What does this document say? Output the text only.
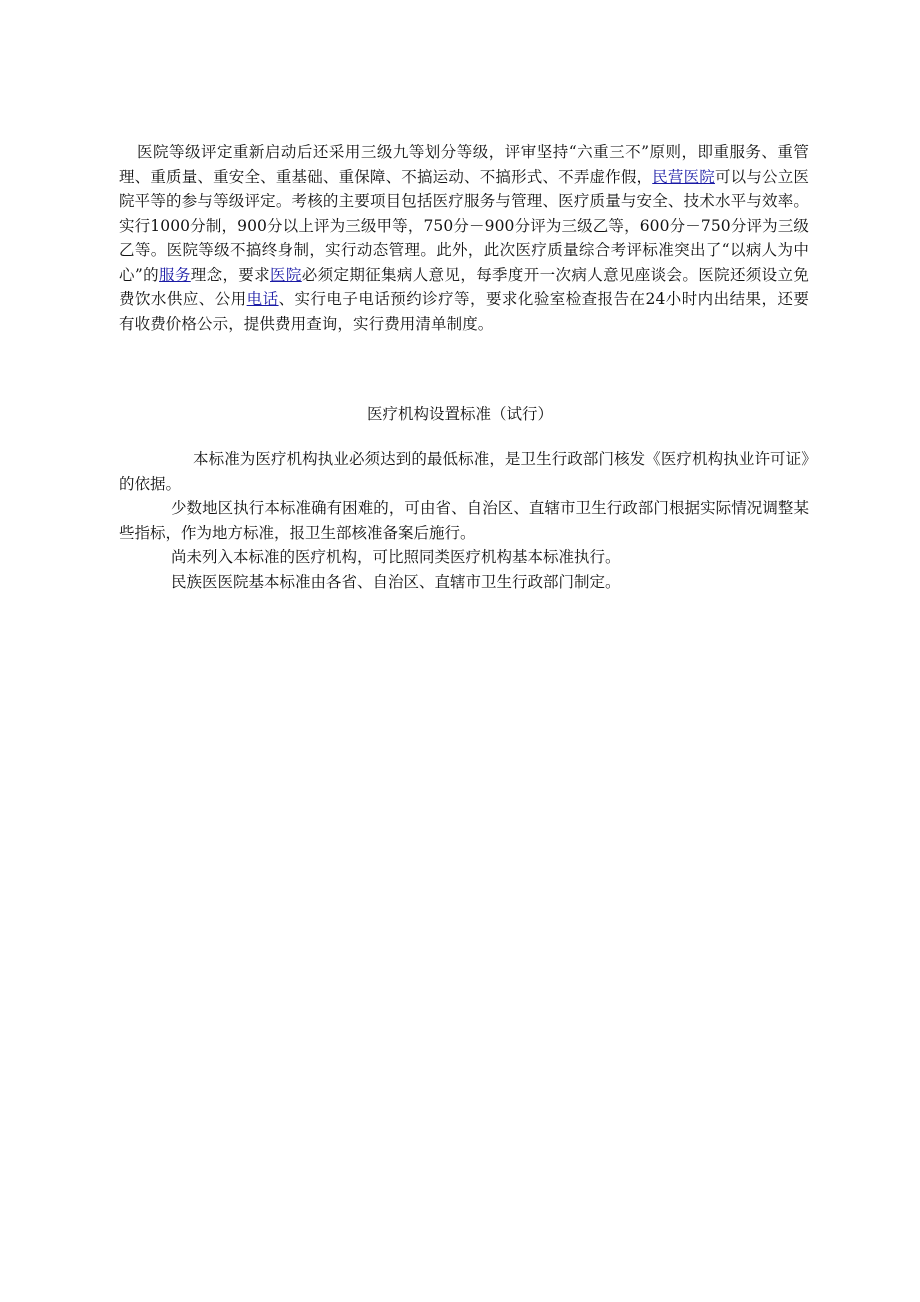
医院等级评定重新启动后还采用三级九等划分等级，评审坚持“六重三不”原则，即重服务、重管理、重质量、重安全、重基础、重保障、不搞运动、不搞形式、不弄虚作假，民营医院可以与公立医院平等的参与等级评定。考核的主要项目包括医疗服务与管理、医疗质量与安全、技术水平与效率。实行1000分制，900分以上评为三级甲等，750分－900分评为三级乙等，600分－750分评为三级乙等。医院等级不搞终身制，实行动态管理。此外，此次医疗质量综合考评标准突出了“以病人为中心”的服务理念，要求医院必须定期征集病人意见，每季度开一次病人意见座谈会。医院还须设立免费饮水供应、公用电话、实行电子电话预约诊疗等，要求化验室检查报告在24小时内出结果，还要有收费价格公示，提供费用查询，实行费用清单制度。

医疗机构设置标准（试行）

本标准为医疗机构执业必须达到的最低标准，是卫生行政部门核发《医疗机构执业许可证》的依据。

少数地区执行本标准确有困难的，可由省、自治区、直辖市卫生行政部门根据实际情况调整某些指标，作为地方标准，报卫生部核准备案后施行。

尚未列入本标准的医疗机构，可比照同类医疗机构基本标准执行。

民族医医院基本标准由各省、自治区、直辖市卫生行政部门制定。
